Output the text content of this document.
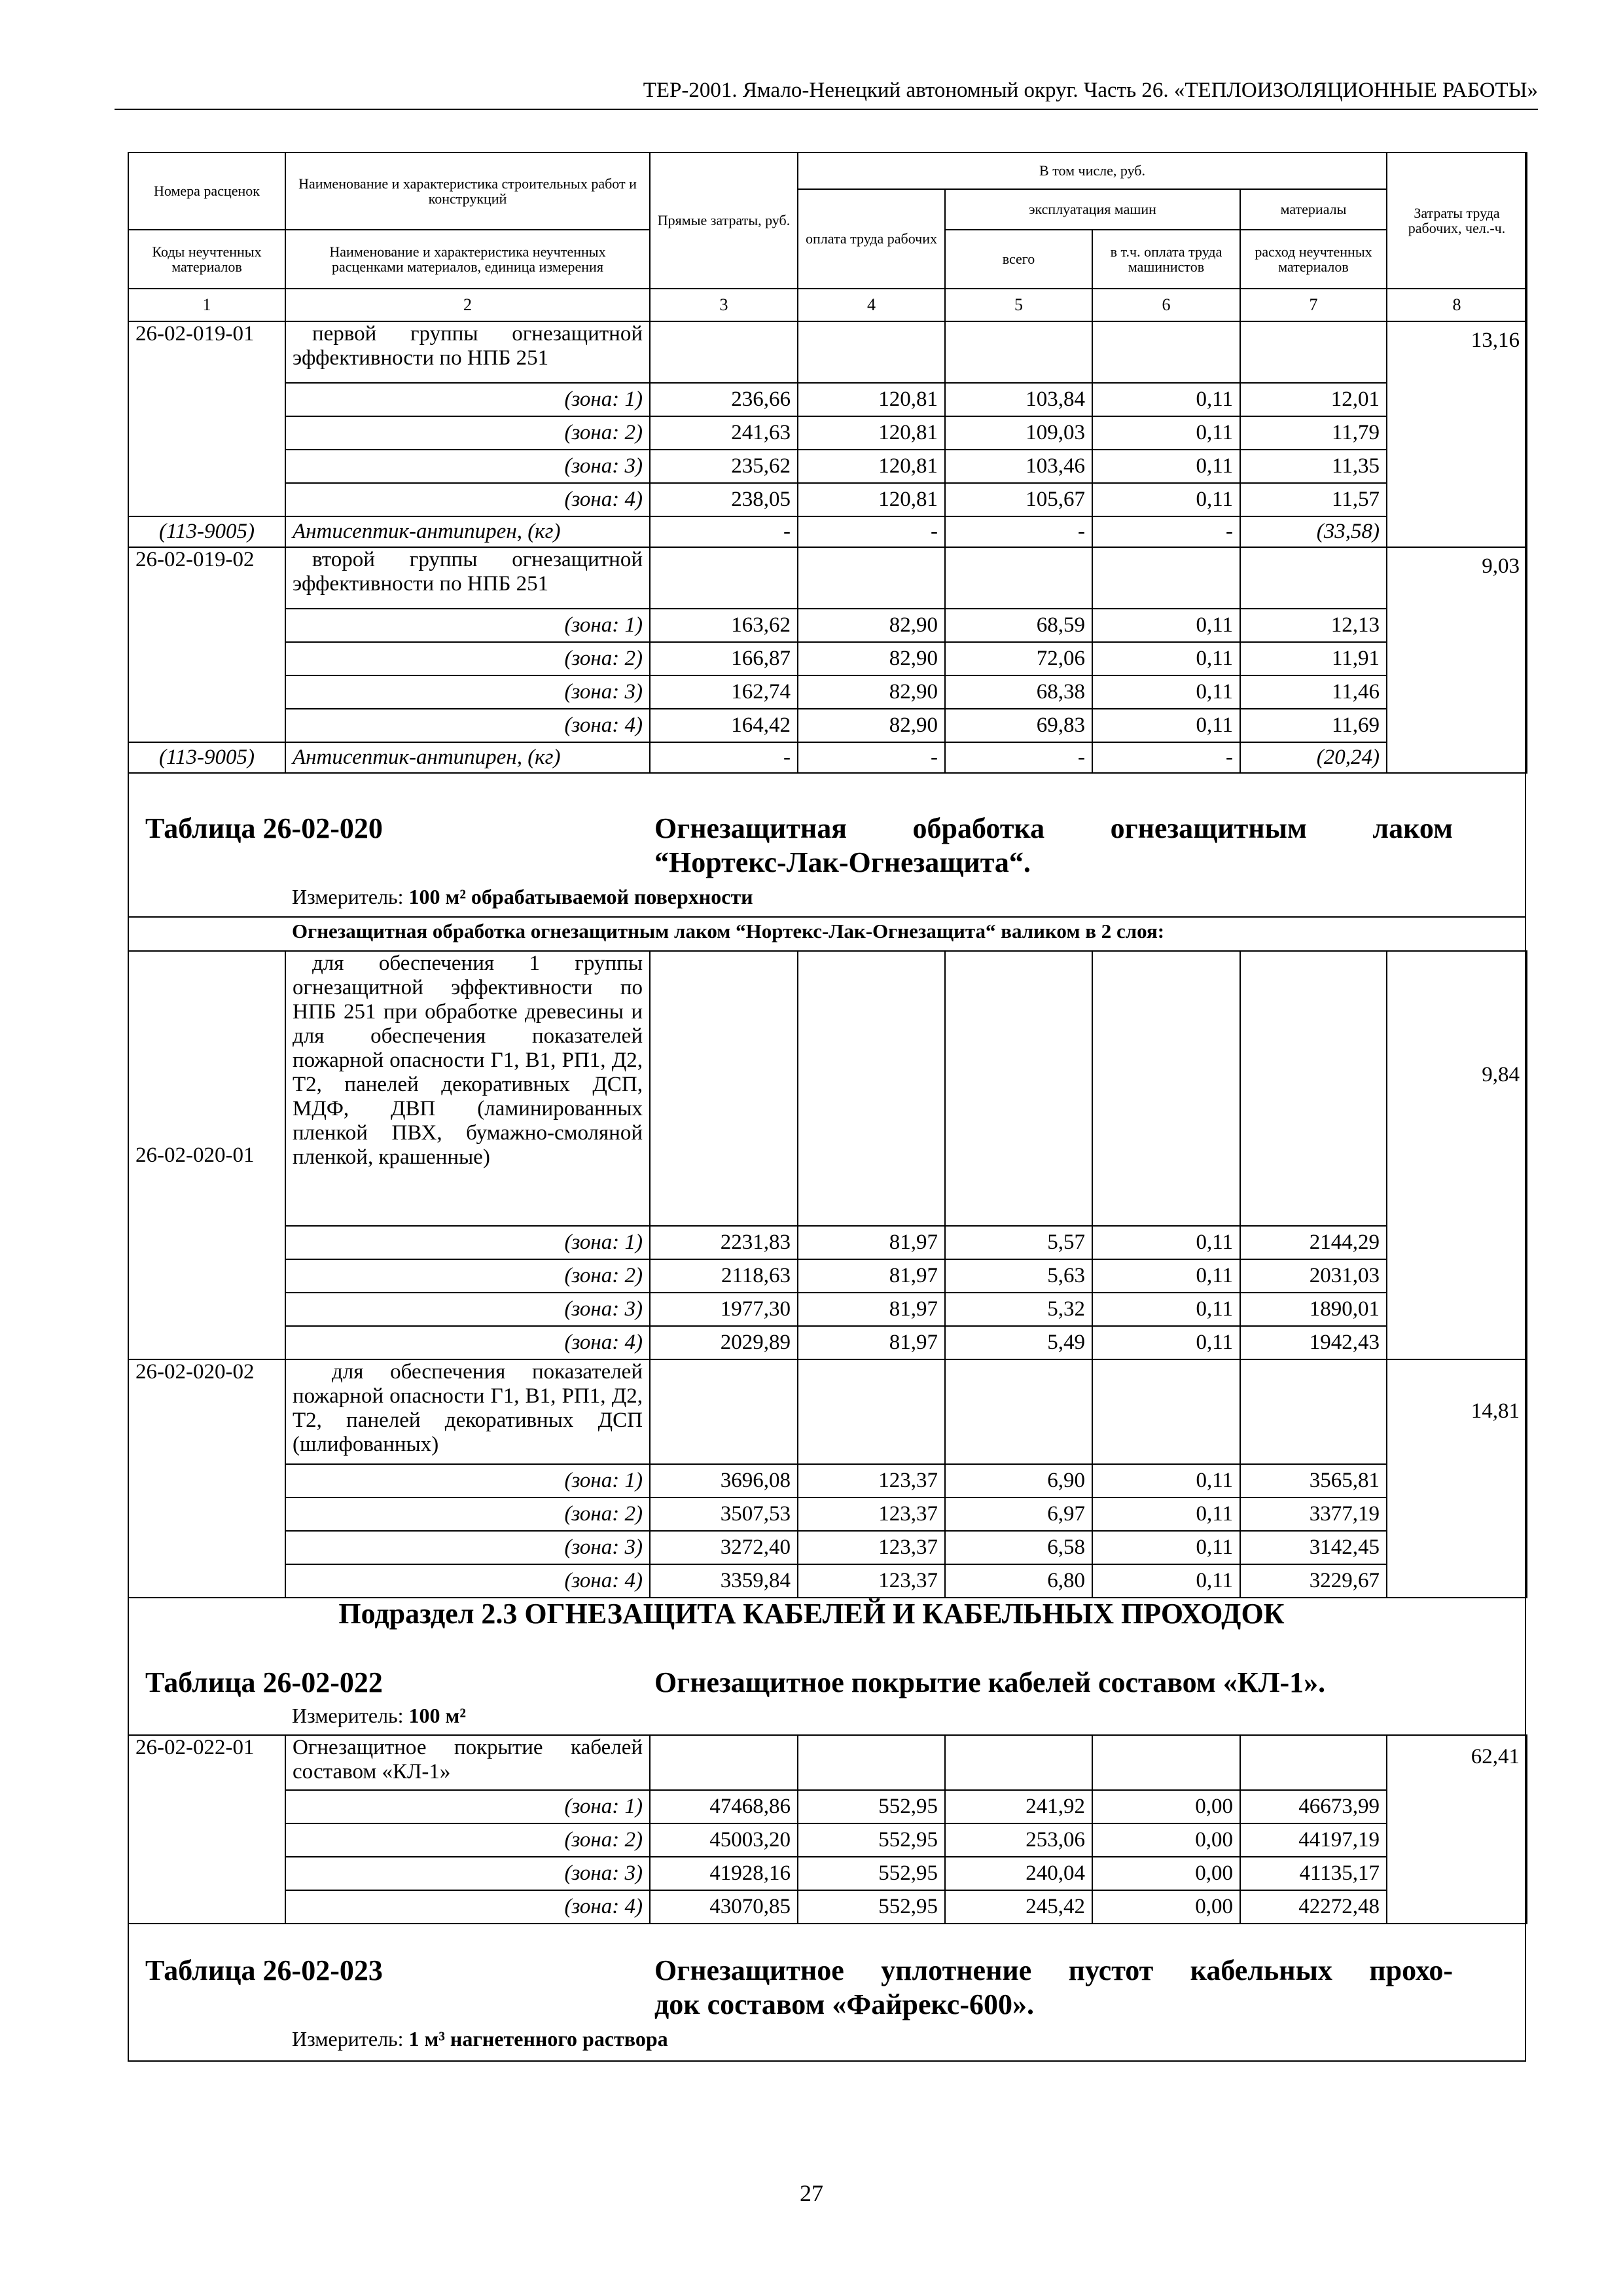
ТЕР-2001. Ямало-Ненецкий автономный округ. Часть 26. «ТЕПЛОИЗОЛЯЦИОННЫЕ РАБОТЫ»
Номера расценок	Наименование и характеристика строительных работ и конструкций	Прямые затраты, руб.	В том числе, руб.				Затраты труда рабочих, чел.-ч.
			оплата труда рабочих	эксплуатация машин		материалы	
Коды неучтенных материалов	Наименование и характеристика неучтенных расценками материалов, единица измерения			всего	в т.ч. оплата труда машинистов	расход неучтенных материалов	
1	2	3	4	5	6	7	8
26-02-019-01	первой группы огнезащитной эффективности по НПБ 251						13,16
	(зона: 1)	236,66	120,81	103,84	0,11	12,01	
	(зона: 2)	241,63	120,81	109,03	0,11	11,79	
	(зона: 3)	235,62	120,81	103,46	0,11	11,35	
	(зона: 4)	238,05	120,81	105,67	0,11	11,57	
(113-9005)	Антисептик-антипирен, (кг)	-	-	-	-	(33,58)	
26-02-019-02	второй группы огнезащитной эффективности по НПБ 251						9,03
	(зона: 1)	163,62	82,90	68,59	0,11	12,13	
	(зона: 2)	166,87	82,90	72,06	0,11	11,91	
	(зона: 3)	162,74	82,90	68,38	0,11	11,46	
	(зона: 4)	164,42	82,90	69,83	0,11	11,69	
(113-9005)	Антисептик-антипирен, (кг)	-	-	-	-	(20,24)	
Таблица 26-02-020	Огнезащитная обработка огнезащитным лаком
“Нортекс-Лак-Огнезащита“.
Измеритель: 100 м² обрабатываемой поверхности
Огнезащитная обработка огнезащитным лаком “Нортекс-Лак-Огнезащита“ валиком в 2 слоя:
26-02-020-01	для обеспечения 1 группы огнезащитной эффективности по НПБ 251 при обработке древесины и для обеспечения показателей пожарной опасности Г1, В1, РП1, Д2, Т2, панелей декоративных ДСП, МДФ, ДВП (ламинированных пленкой ПВХ, бумажно-смоляной пленкой, крашенные)						9,84
	(зона: 1)	2231,83	81,97	5,57	0,11	2144,29	
	(зона: 2)	2118,63	81,97	5,63	0,11	2031,03	
	(зона: 3)	1977,30	81,97	5,32	0,11	1890,01	
	(зона: 4)	2029,89	81,97	5,49	0,11	1942,43	
26-02-020-02	для обеспечения показателей пожарной опасности Г1, В1, РП1, Д2, Т2, панелей декоративных ДСП (шлифованных)						14,81
	(зона: 1)	3696,08	123,37	6,90	0,11	3565,81	
	(зона: 2)	3507,53	123,37	6,97	0,11	3377,19	
	(зона: 3)	3272,40	123,37	6,58	0,11	3142,45	
	(зона: 4)	3359,84	123,37	6,80	0,11	3229,67	
Подраздел 2.3 ОГНЕЗАЩИТА КАБЕЛЕЙ И КАБЕЛЬНЫХ ПРОХОДОК
Таблица 26-02-022	Огнезащитное покрытие кабелей составом «КЛ-1».
Измеритель: 100 м²
26-02-022-01	Огнезащитное покрытие кабелей составом «КЛ-1»						62,41
	(зона: 1)	47468,86	552,95	241,92	0,00	46673,99	
	(зона: 2)	45003,20	552,95	253,06	0,00	44197,19	
	(зона: 3)	41928,16	552,95	240,04	0,00	41135,17	
	(зона: 4)	43070,85	552,95	245,42	0,00	42272,48	
Таблица 26-02-023	Огнезащитное уплотнение пустот кабельных прохо-
док составом «Файрекс-600».
Измеритель: 1 м³ нагнетенного раствора
27
